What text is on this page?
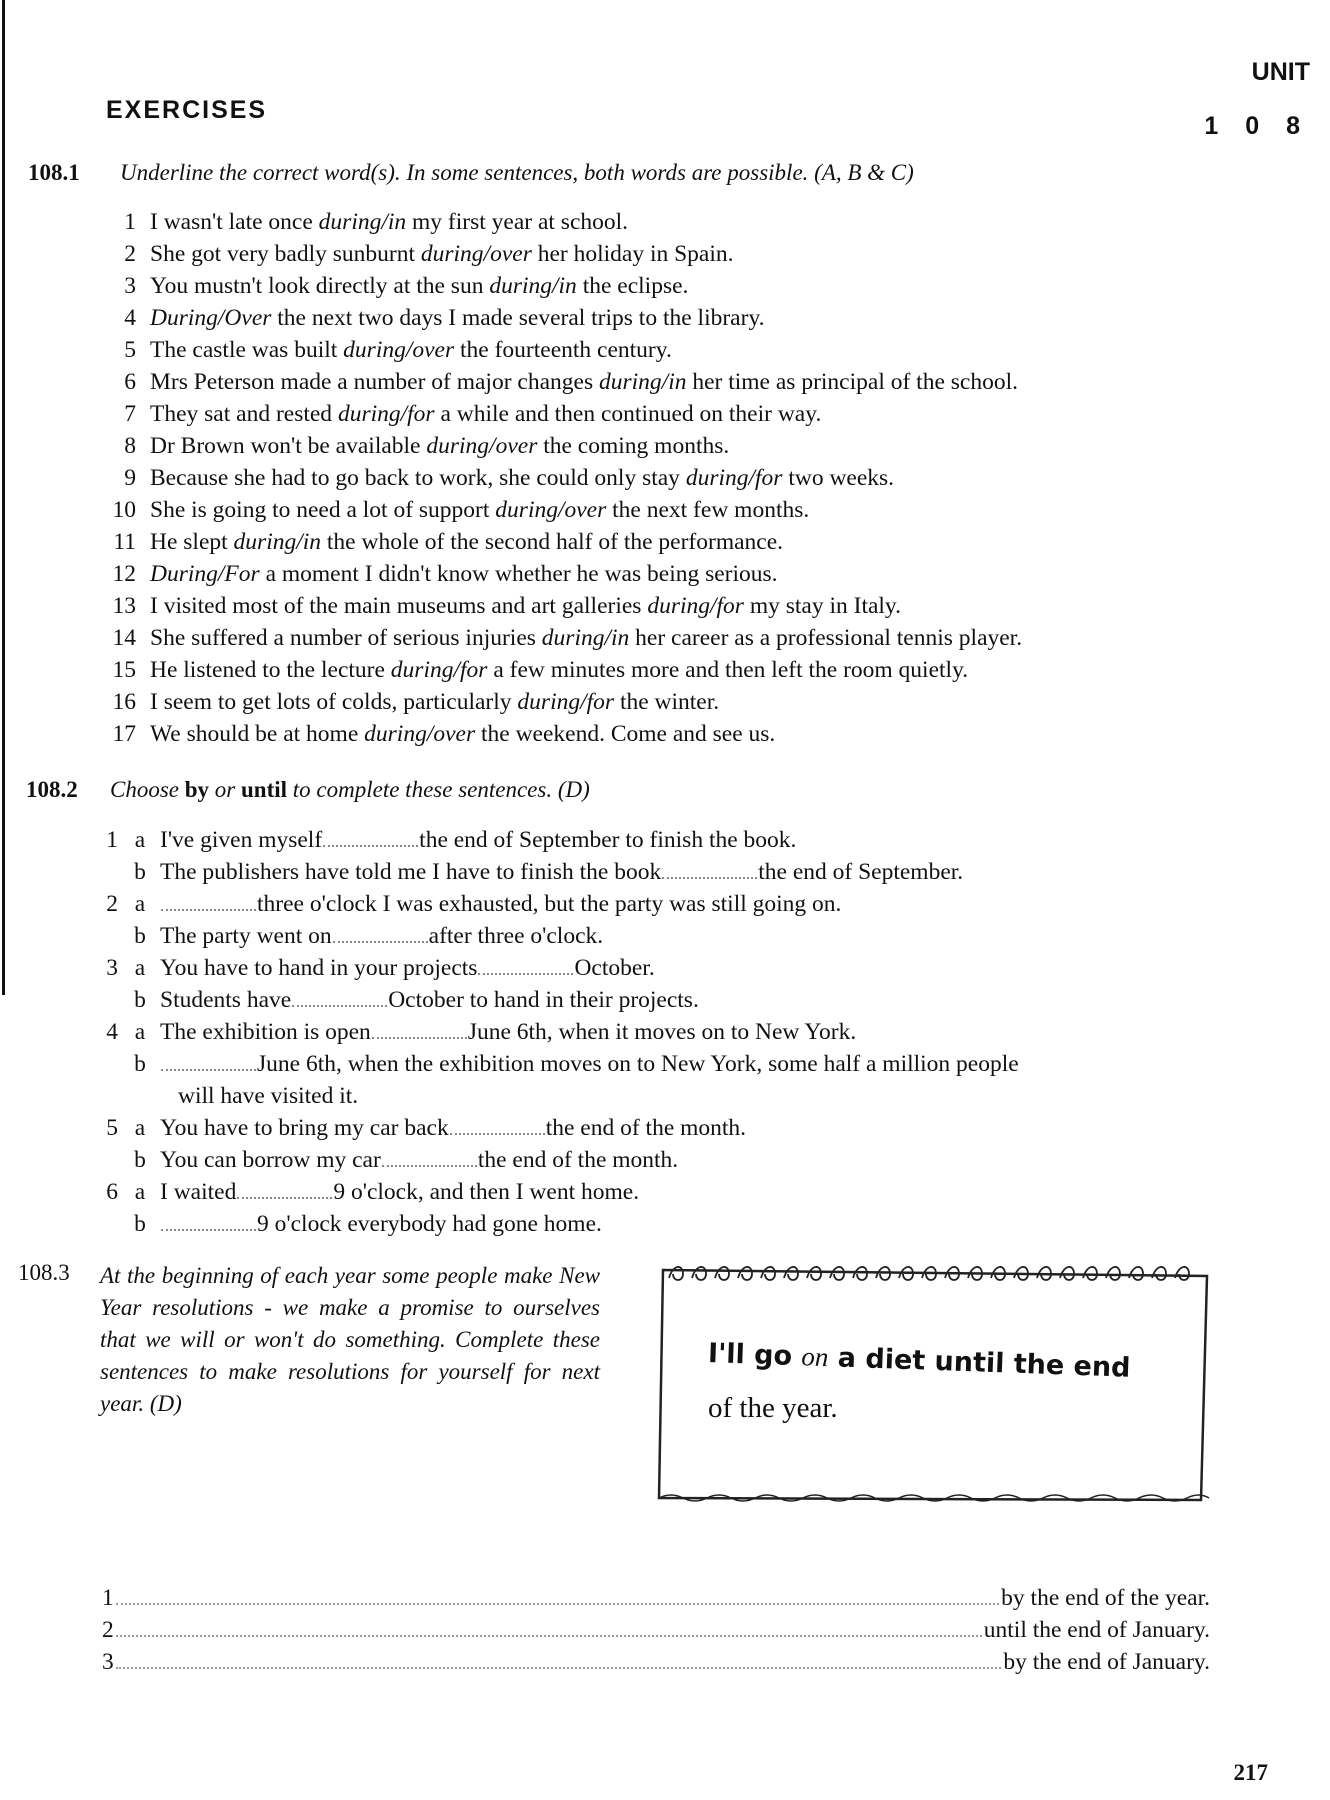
UNIT
1 0 8
EXERCISES
108.1 Underline the correct word(s). In some sentences, both words are possible. (A, B & C)
1 I wasn't late once during/in my first year at school.
2 She got very badly sunburnt during/over her holiday in Spain.
3 You mustn't look directly at the sun during/in the eclipse.
4 During/Over the next two days I made several trips to the library.
5 The castle was built during/over the fourteenth century.
6 Mrs Peterson made a number of major changes during/in her time as principal of the school.
7 They sat and rested during/for a while and then continued on their way.
8 Dr Brown won't be available during/over the coming months.
9 Because she had to go back to work, she could only stay during/for two weeks.
10 She is going to need a lot of support during/over the next few months.
11 He slept during/in the whole of the second half of the performance.
12 During/For a moment I didn't know whether he was being serious.
13 I visited most of the main museums and art galleries during/for my stay in Italy.
14 She suffered a number of serious injuries during/in her career as a professional tennis player.
15 He listened to the lecture during/for a few minutes more and then left the room quietly.
16 I seem to get lots of colds, particularly during/for the winter.
17 We should be at home during/over the weekend. Come and see us.
108.2 Choose by or until to complete these sentences. (D)
1 a I've given myself	the end of September to finish the book.
b The publishers have told me I have to finish the book	the end of September.
2 a	three o'clock I was exhausted, but the party was still going on.
b The party went on	after three o'clock.
3 a You have to hand in your projects	October.
b Students have	October to hand in their projects.
4 a The exhibition is open	June 6th, when it moves on to New York.
b	June 6th, when the exhibition moves on to New York, some half a million people
will have visited it.
5 a You have to bring my car back	the end of the month.
b You can borrow my car	the end of the month.
6 a I waited	9 o'clock, and then I went home.
b	9 o'clock everybody had gone home.
108.3 At the beginning of each year some people make New Year resolutions - we make a promise to ourselves that we will or won't do something. Complete these sentences to make resolutions for yourself for next year. (D)
I'll go on a diet until the end
of the year.
1	by the end of the year.
2	until the end of January.
3	by the end of January.
217
